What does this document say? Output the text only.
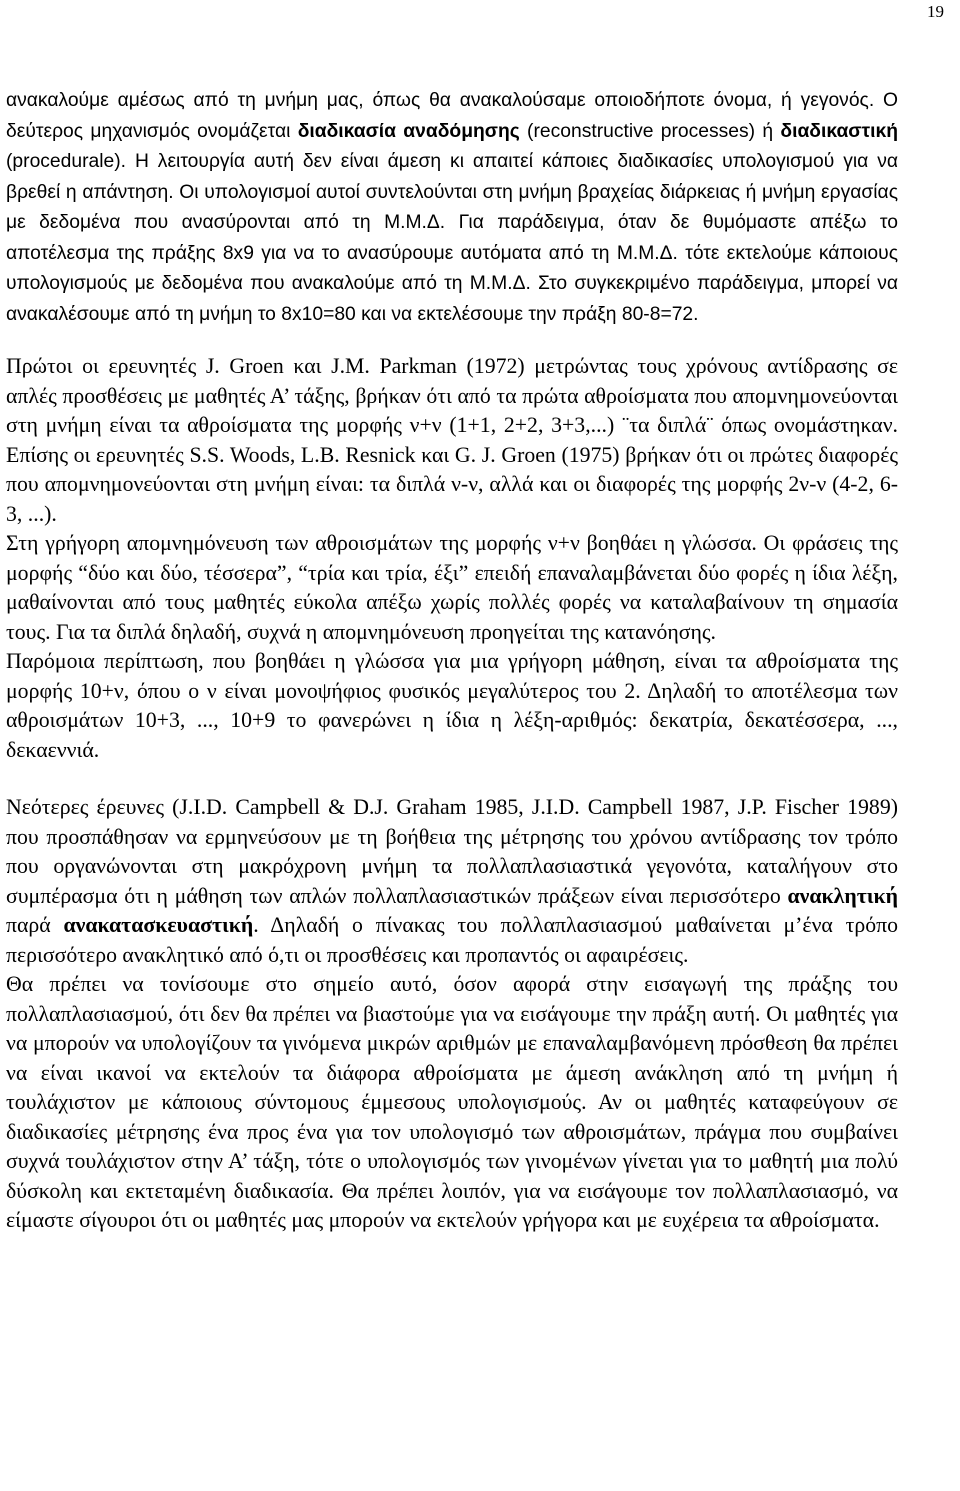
19

ανακαλούμε αμέσως από τη μνήμη μας, όπως θα ανακαλούσαμε οποιοδήποτε όνομα, ή γεγονός. Ο δεύτερος μηχανισμός ονομάζεται διαδικασία αναδόμησης (reconstructive processes) ή διαδικαστική (procedurale). Η λειτουργία αυτή δεν είναι άμεση κι απαιτεί κάποιες διαδικασίες υπολογισμού για να βρεθεί η απάντηση. Οι υπολογισμοί αυτοί συντελούνται στη μνήμη βραχείας διάρκειας ή μνήμη εργασίας με δεδομένα που ανασύρονται από τη Μ.Μ.Δ. Για παράδειγμα, όταν δε θυμόμαστε απέξω το αποτέλεσμα της πράξης 8x9 για να το ανασύρουμε αυτόματα από τη Μ.Μ.Δ. τότε εκτελούμε κάποιους υπολογισμούς με δεδομένα που ανακαλούμε από τη Μ.Μ.Δ. Στο συγκεκριμένο παράδειγμα, μπορεί να ανακαλέσουμε από τη μνήμη το 8x10=80 και να εκτελέσουμε την πράξη 80-8=72.

Πρώτοι οι ερευνητές J. Groen και J.M. Parkman (1972) μετρώντας τους χρόνους αντίδρασης σε απλές προσθέσεις με μαθητές Α’ τάξης, βρήκαν ότι από τα πρώτα αθροίσματα που απομνημονεύονται στη μνήμη είναι τα αθροίσματα της μορφής ν+ν (1+1, 2+2, 3+3,...) ¨τα διπλά¨ όπως ονομάστηκαν. Επίσης οι ερευνητές S.S. Woods, L.B. Resnick και G. J. Groen (1975) βρήκαν ότι οι πρώτες διαφορές που απομνημονεύονται στη μνήμη είναι: τα διπλά ν-ν, αλλά και οι διαφορές της μορφής 2ν-ν (4-2, 6-3, ...).

Στη γρήγορη απομνημόνευση των αθροισμάτων της μορφής ν+ν βοηθάει η γλώσσα. Οι φράσεις της μορφής “δύο και δύο, τέσσερα”, “τρία και τρία, έξι” επειδή επαναλαμβάνεται δύο φορές η ίδια λέξη, μαθαίνονται από τους μαθητές εύκολα απέξω χωρίς πολλές φορές να καταλαβαίνουν τη σημασία τους. Για τα διπλά δηλαδή, συχνά η απομνημόνευση προηγείται της κατανόησης.

Παρόμοια περίπτωση, που βοηθάει η γλώσσα για μια γρήγορη μάθηση, είναι τα αθροίσματα της μορφής 10+ν, όπου ο ν είναι μονοψήφιος φυσικός μεγαλύτερος του 2. Δηλαδή το αποτέλεσμα των αθροισμάτων 10+3, ..., 10+9 το φανερώνει η ίδια η λέξη-αριθμός: δεκατρία, δεκατέσσερα, ..., δεκαεννιά.

Νεότερες έρευνες (J.I.D. Campbell & D.J. Graham 1985, J.I.D. Campbell 1987, J.P. Fischer 1989) που προσπάθησαν να ερμηνεύσουν με τη βοήθεια της μέτρησης του χρόνου αντίδρασης τον τρόπο που οργανώνονται στη μακρόχρονη μνήμη τα πολλαπλασιαστικά γεγονότα, καταλήγουν στο συμπέρασμα ότι η μάθηση των απλών πολλαπλασιαστικών πράξεων είναι περισσότερο ανακλητική παρά ανακατασκευαστική. Δηλαδή ο πίνακας του πολλαπλασιασμού μαθαίνεται μ’ένα τρόπο περισσότερο ανακλητικό από ό,τι οι προσθέσεις και προπαντός οι αφαιρέσεις.

Θα πρέπει να τονίσουμε στο σημείο αυτό, όσον αφορά στην εισαγωγή της πράξης του πολλαπλασιασμού, ότι δεν θα πρέπει να βιαστούμε για να εισάγουμε την πράξη αυτή. Οι μαθητές για να μπορούν να υπολογίζουν τα γινόμενα μικρών αριθμών με επαναλαμβανόμενη πρόσθεση θα πρέπει να είναι ικανοί να εκτελούν τα διάφορα αθροίσματα με άμεση ανάκληση από τη μνήμη ή τουλάχιστον με κάποιους σύντομους έμμεσους υπολογισμούς. Αν οι μαθητές καταφεύγουν σε διαδικασίες μέτρησης ένα προς ένα για τον υπολογισμό των αθροισμάτων, πράγμα που συμβαίνει συχνά τουλάχιστον στην Α’ τάξη, τότε ο υπολογισμός των γινομένων γίνεται για το μαθητή μια πολύ δύσκολη και εκτεταμένη διαδικασία. Θα πρέπει λοιπόν, για να εισάγουμε τον πολλαπλασιασμό, να είμαστε σίγουροι ότι οι μαθητές μας μπορούν να εκτελούν γρήγορα και με ευχέρεια τα αθροίσματα.
